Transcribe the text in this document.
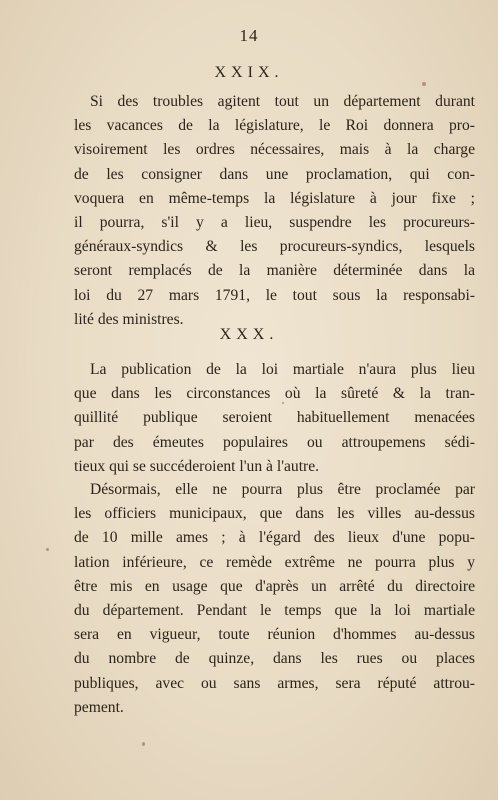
14
XXIX.
Si des troubles agitent tout un département durant
les vacances de la législature, le Roi donnera pro-
visoirement les ordres nécessaires, mais à la charge
de les consigner dans une proclamation, qui con-
voquera en même-temps la législature à jour fixe ;
il pourra, s'il y a lieu, suspendre les procureurs-
généraux-syndics & les procureurs-syndics, lesquels
seront remplacés de la manière déterminée dans la
loi du 27 mars 1791, le tout sous la responsabi-
lité des ministres.
XXX.
La publication de la loi martiale n'aura plus lieu
que dans les circonstances où la sûreté & la tran-
quillité publique seroient habituellement menacées
par des émeutes populaires ou attroupemens sédi-
tieux qui se succéderoient l'un à l'autre.
Désormais, elle ne pourra plus être proclamée par
les officiers municipaux, que dans les villes au-dessus
de 10 mille ames ; à l'égard des lieux d'une popu-
lation inférieure, ce remède extrême ne pourra plus y
être mis en usage que d'après un arrêté du directoire
du département. Pendant le temps que la loi martiale
sera en vigueur, toute réunion d'hommes au-dessus
du nombre de quinze, dans les rues ou places
publiques, avec ou sans armes, sera réputé attrou-
pement.
